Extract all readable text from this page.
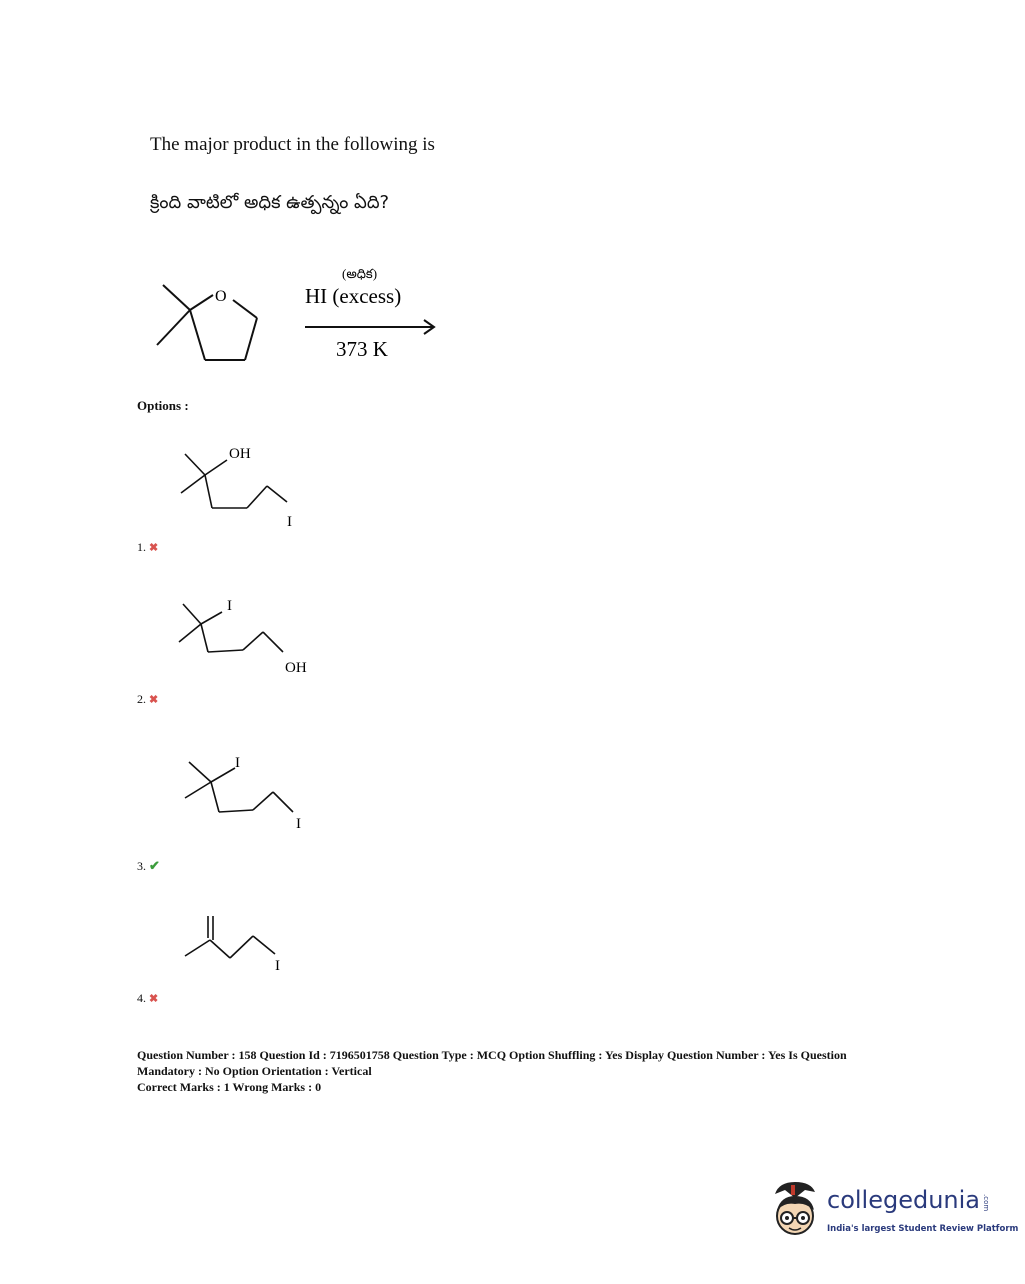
The major product in the following is
క్రింది వాటిలో అధిక ఉత్పన్నం ఏది?
O
(అధిక)
HI (excess)
373 K
Options :
OH
I
1. ✖
I
OH
2. ✖
I
I
3. ✔
I
4. ✖
Question Number : 158 Question Id : 7196501758 Question Type : MCQ Option Shuffling : Yes Display Question Number : Yes Is Question Mandatory : No Option Orientation : Vertical
Correct Marks : 1 Wrong Marks : 0
collegedunia .com
India's largest Student Review Platform
